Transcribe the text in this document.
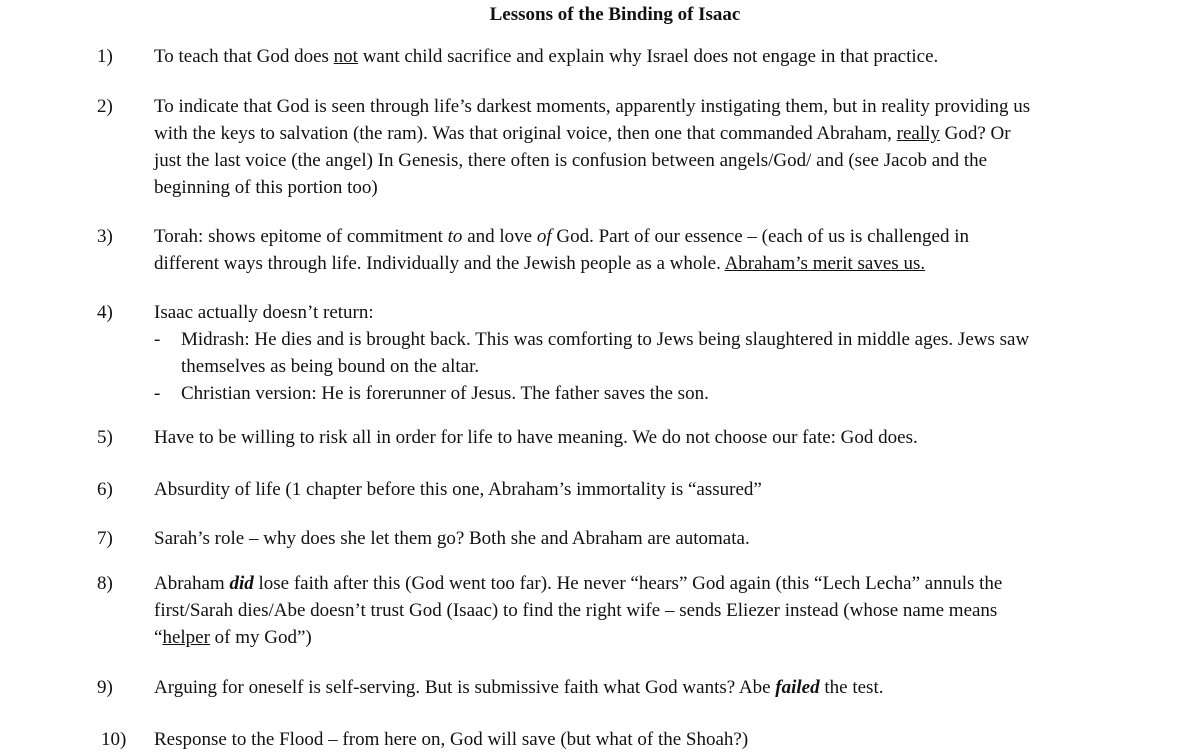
Lessons of the Binding of Isaac
1) To teach that God does not want child sacrifice and explain why Israel does not engage in that practice.
2) To indicate that God is seen through life’s darkest moments, apparently instigating them, but in reality providing us
with the keys to salvation (the ram). Was that original voice, then one that commanded Abraham, really God? Or
just the last voice (the angel) In Genesis, there often is confusion between angels/God/ and (see Jacob and the
beginning of this portion too)
3) Torah: shows epitome of commitment to and love of God. Part of our essence – (each of us is challenged in
different ways through life. Individually and the Jewish people as a whole. Abraham’s merit saves us.
4) Isaac actually doesn’t return:
- Midrash: He dies and is brought back. This was comforting to Jews being slaughtered in middle ages. Jews saw
themselves as being bound on the altar.
- Christian version: He is forerunner of Jesus. The father saves the son.
5) Have to be willing to risk all in order for life to have meaning. We do not choose our fate: God does.
6) Absurdity of life (1 chapter before this one, Abraham’s immortality is “assured”
7) Sarah’s role – why does she let them go? Both she and Abraham are automata.
8) Abraham did lose faith after this (God went too far). He never “hears” God again (this “Lech Lecha” annuls the
first/Sarah dies/Abe doesn’t trust God (Isaac) to find the right wife – sends Eliezer instead (whose name means
“helper of my God”)
9) Arguing for oneself is self-serving. But is submissive faith what God wants? Abe failed the test.
10) Response to the Flood – from here on, God will save (but what of the Shoah?)
